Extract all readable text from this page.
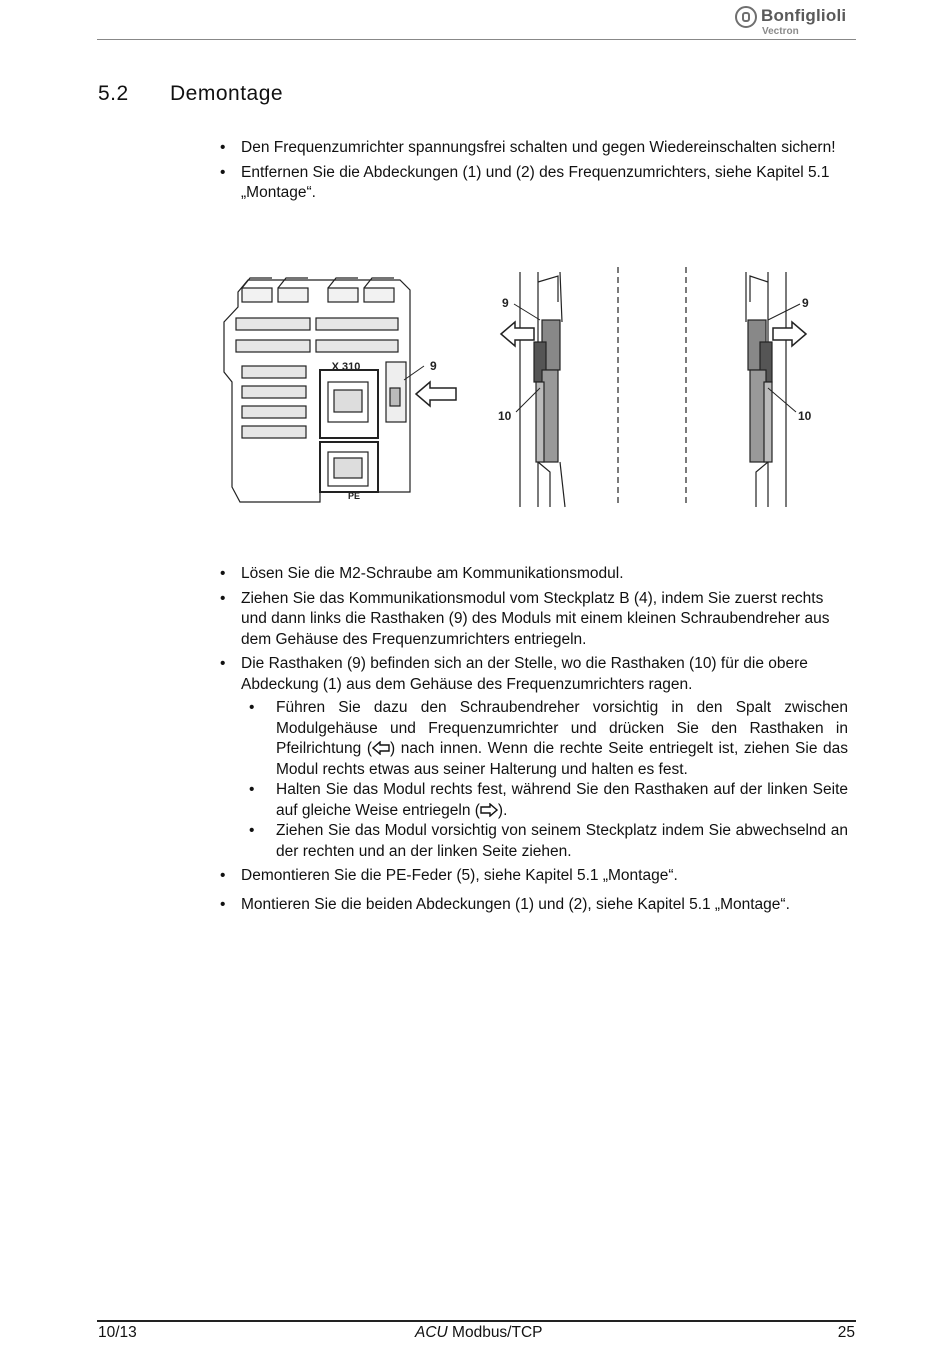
Bonfiglioli
Vectron
5.2 Demontage
• Den Frequenzumrichter spannungsfrei schalten und gegen Wiedereinschalten sichern!
• Entfernen Sie die Abdeckungen (1) und (2) des Frequenzumrichters, siehe Kapitel 5.1 „Montage“.
X 310
PE
9
9
10
9
10
• Lösen Sie die M2-Schraube am Kommunikationsmodul.
• Ziehen Sie das Kommunikationsmodul vom Steckplatz B (4), indem Sie zuerst rechts und dann links die Rasthaken (9) des Moduls mit einem kleinen Schraubendreher aus dem Gehäuse des Frequenzumrichters entriegeln.
• Die Rasthaken (9) befinden sich an der Stelle, wo die Rasthaken (10) für die obere Abdeckung (1) aus dem Gehäuse des Frequenzumrichters ragen.
• Führen Sie dazu den Schraubendreher vorsichtig in den Spalt zwischen Modulgehäuse und Frequenzumrichter und drücken Sie den Rasthaken in Pfeilrichtung ( ) nach innen. Wenn die rechte Seite entriegelt ist, ziehen Sie das Modul rechts etwas aus seiner Halterung und halten es fest.
• Halten Sie das Modul rechts fest, während Sie den Rasthaken auf der linken Seite auf gleiche Weise entriegeln ( ).
• Ziehen Sie das Modul vorsichtig von seinem Steckplatz indem Sie abwechselnd an der rechten und an der linken Seite ziehen.
• Demontieren Sie die PE-Feder (5), siehe Kapitel 5.1 „Montage“.
• Montieren Sie die beiden Abdeckungen (1) und (2), siehe Kapitel 5.1 „Montage“.
10/13	ACU Modbus/TCP	25
